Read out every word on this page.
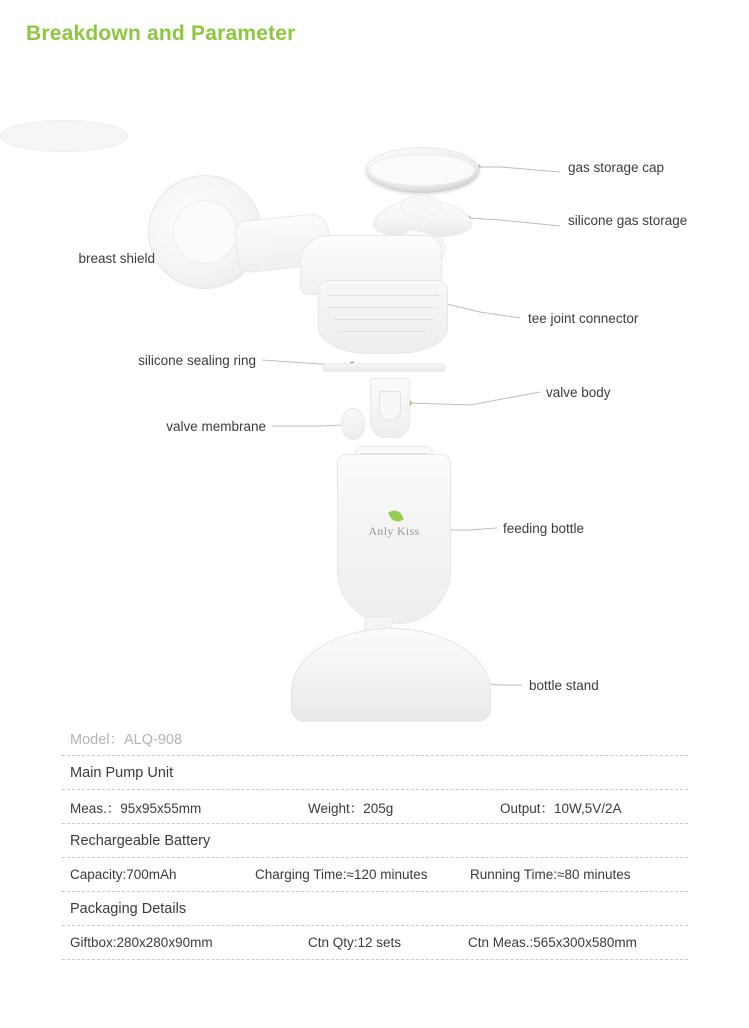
Breakdown and Parameter
Anly Kiss
gas storage cap
silicone gas storage
breast shield
tee joint connector
silicone sealing ring
valve body
valve membrane
feeding bottle
bottle stand
Model：ALQ-908
Main Pump Unit
Meas.：95x95x55mm	Weight：205g	Output：10W,5V/2A
Rechargeable Battery
Capacity:700mAh	Charging Time:≈120 minutes	Running Time:≈80 minutes
Packaging Details
Giftbox:280x280x90mm	Ctn Qty:12 sets	Ctn Meas.:565x300x580mm
